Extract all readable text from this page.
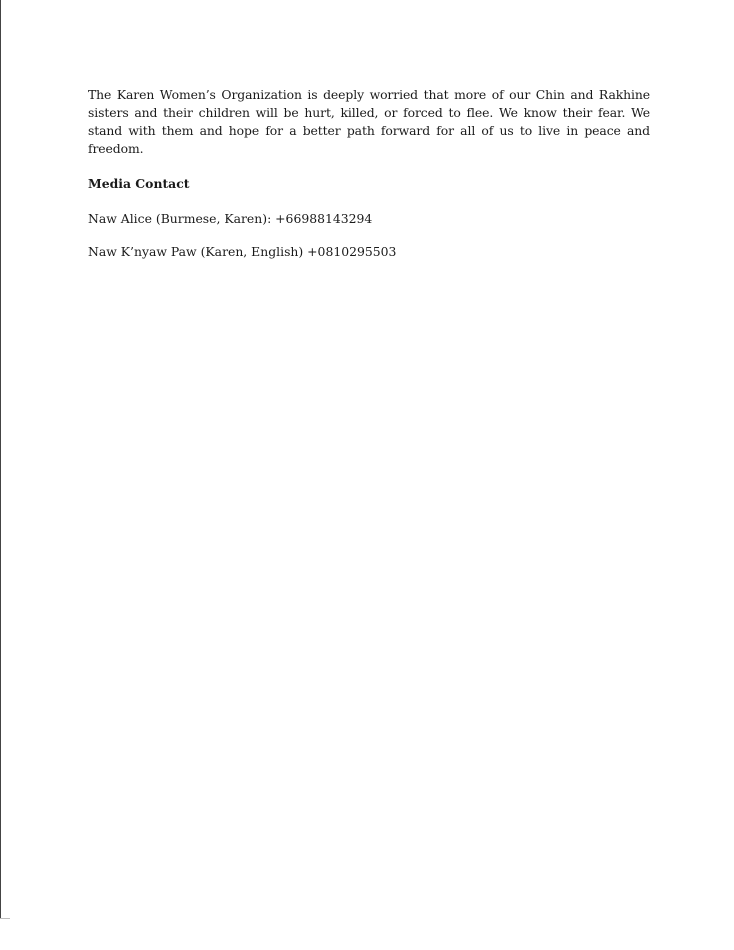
The Karen Women’s Organization is deeply worried that more of our Chin and Rakhine sisters and their children will be hurt, killed, or forced to flee. We know their fear. We stand with them and hope for a better path forward for all of us to live in peace and freedom.

Media Contact

Naw Alice (Burmese, Karen): +66988143294

Naw K’nyaw Paw (Karen, English) +0810295503
